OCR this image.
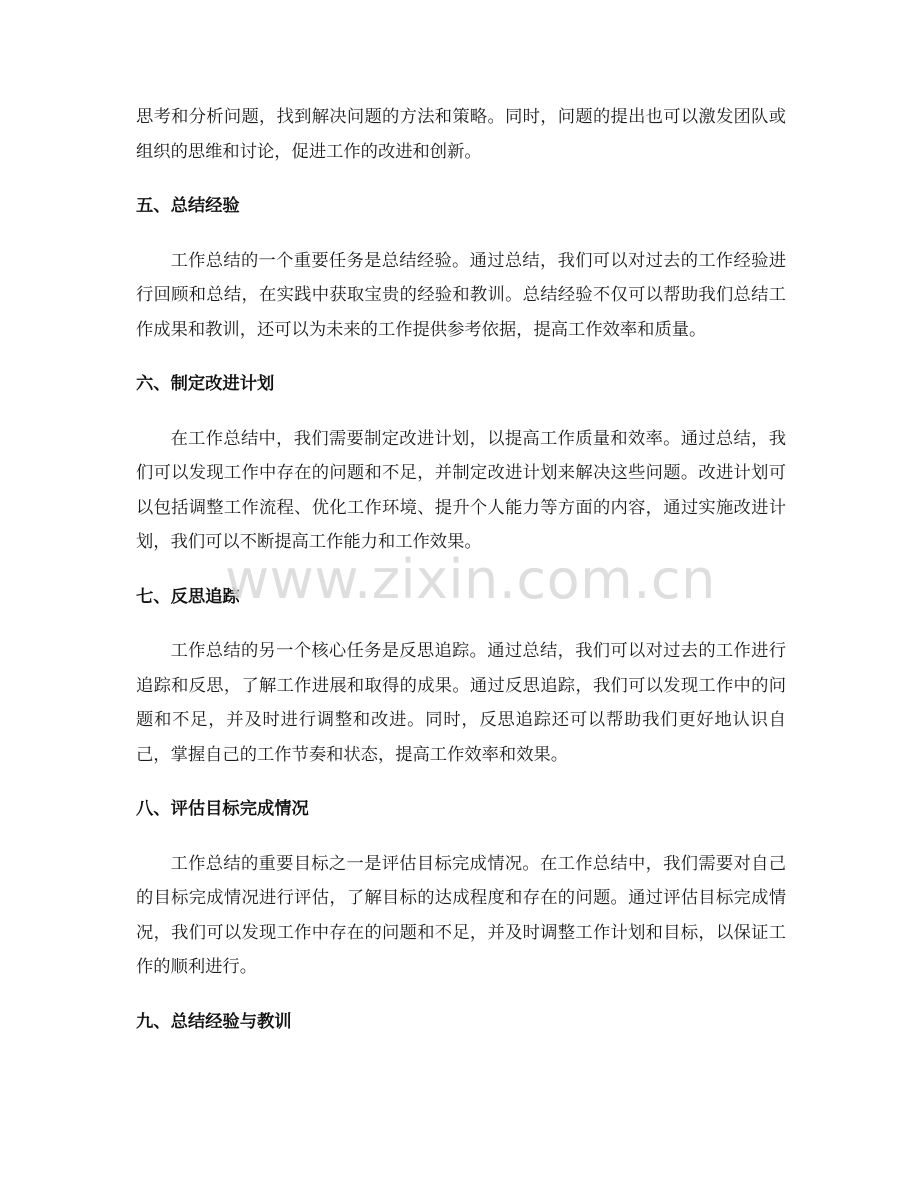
思考和分析问题，找到解决问题的方法和策略。同时，问题的提出也可以激发团队或组织的思维和讨论，促进工作的改进和创新。

五、总结经验

工作总结的一个重要任务是总结经验。通过总结，我们可以对过去的工作经验进行回顾和总结，在实践中获取宝贵的经验和教训。总结经验不仅可以帮助我们总结工作成果和教训，还可以为未来的工作提供参考依据，提高工作效率和质量。

六、制定改进计划

在工作总结中，我们需要制定改进计划，以提高工作质量和效率。通过总结，我们可以发现工作中存在的问题和不足，并制定改进计划来解决这些问题。改进计划可以包括调整工作流程、优化工作环境、提升个人能力等方面的内容，通过实施改进计划，我们可以不断提高工作能力和工作效果。

七、反思追踪

工作总结的另一个核心任务是反思追踪。通过总结，我们可以对过去的工作进行追踪和反思，了解工作进展和取得的成果。通过反思追踪，我们可以发现工作中的问题和不足，并及时进行调整和改进。同时，反思追踪还可以帮助我们更好地认识自己，掌握自己的工作节奏和状态，提高工作效率和效果。

八、评估目标完成情况

工作总结的重要目标之一是评估目标完成情况。在工作总结中，我们需要对自己的目标完成情况进行评估，了解目标的达成程度和存在的问题。通过评估目标完成情况，我们可以发现工作中存在的问题和不足，并及时调整工作计划和目标，以保证工作的顺利进行。

九、总结经验与教训
www.zixin.com.cn
